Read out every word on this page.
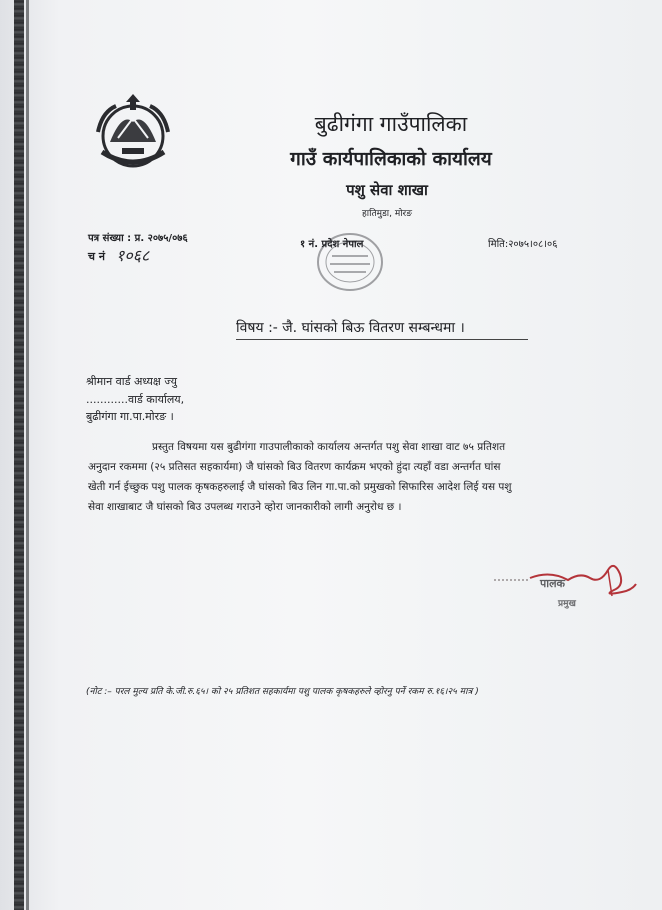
बुढीगंगा गाउँपालिका
गाउँ कार्यपालिकाको कार्यालय
पशु सेवा शाखा
हातिमुडा, मोरङ
पत्र संख्या : प्र. २०७५/०७६
च नं १०६८
१ नं. प्रदेश नेपाल	मिति:२०७५।०८।०६
विषय :- जै. घांसको बिऊ वितरण सम्बन्धमा ।
श्रीमान वार्ड अध्यक्ष ज्यु
............वार्ड कार्यालय,
बुढीगंगा गा.पा.मोरङ ।
प्रस्तुत विषयमा यस बुढीगंगा गाउपालीकाको कार्यालय अन्तर्गत पशु सेवा शाखा वाट ७५ प्रतिशत
अनुदान रकममा (२५ प्रतिसत सहकार्यमा) जै घांसको बिउ वितरण कार्यक्रम भएको हुंदा त्यहाँ वडा अन्तर्गत घांस
खेती गर्न ईच्छुक पशु पालक कृषकहरुलाई जै घांसको बिउ लिन गा.पा.को प्रमुखको सिफारिस आदेश लिई यस पशु
सेवा शाखाबाट जै घांसको बिउ उपलब्ध गराउने व्होरा जानकारीको लागी अनुरोध छ ।
पालक
प्रमुख
(नोट :– परल मुल्य प्रति के.जी.रु.६५। को २५ प्रतिशत सहकार्यमा पशु पालक कृषकहरुले व्होरनु पर्ने रकम रु.१६।२५ मात्र )
